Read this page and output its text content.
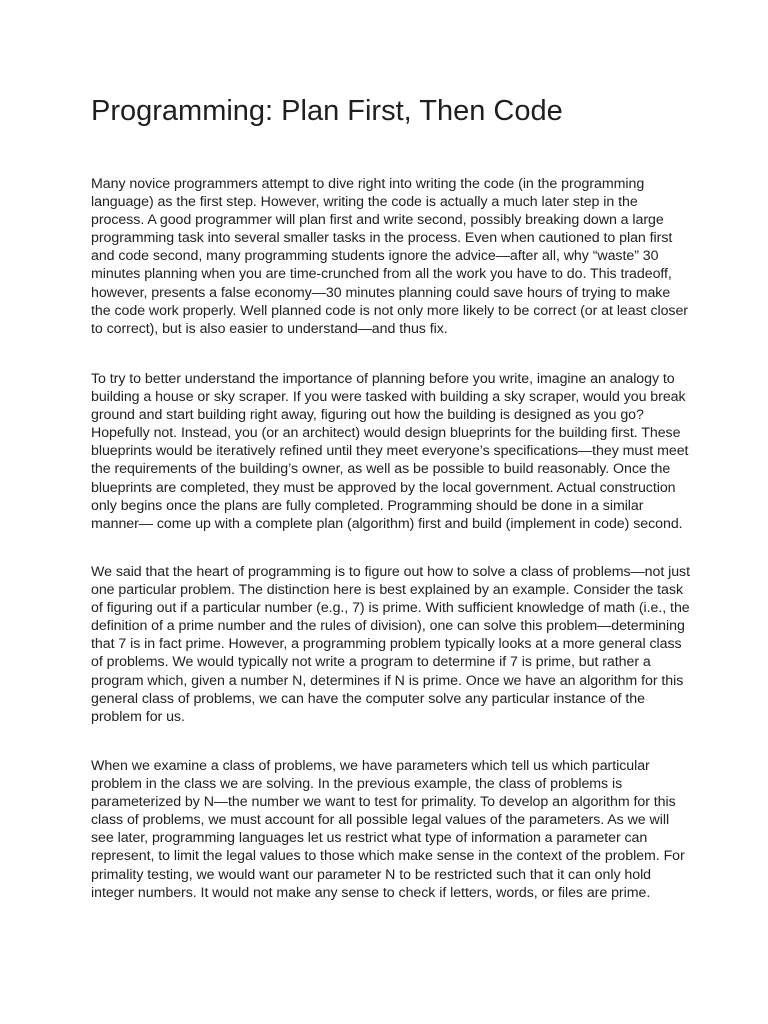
Programming: Plan First, Then Code

Many novice programmers attempt to dive right into writing the code (in the programming language) as the first step. However, writing the code is actually a much later step in the process. A good programmer will plan first and write second, possibly breaking down a large programming task into several smaller tasks in the process. Even when cautioned to plan first and code second, many programming students ignore the advice—after all, why “waste” 30 minutes planning when you are time-crunched from all the work you have to do. This tradeoff, however, presents a false economy—30 minutes planning could save hours of trying to make the code work properly. Well planned code is not only more likely to be correct (or at least closer to correct), but is also easier to understand—and thus fix.

To try to better understand the importance of planning before you write, imagine an analogy to building a house or sky scraper. If you were tasked with building a sky scraper, would you break ground and start building right away, figuring out how the building is designed as you go? Hopefully not. Instead, you (or an architect) would design blueprints for the building first. These blueprints would be iteratively refined until they meet everyone’s specifications—they must meet the requirements of the building’s owner, as well as be possible to build reasonably. Once the blueprints are completed, they must be approved by the local government. Actual construction only begins once the plans are fully completed. Programming should be done in a similar manner— come up with a complete plan (algorithm) first and build (implement in code) second.

We said that the heart of programming is to figure out how to solve a class of problems—not just one particular problem. The distinction here is best explained by an example. Consider the task of figuring out if a particular number (e.g., 7) is prime. With sufficient knowledge of math (i.e., the definition of a prime number and the rules of division), one can solve this problem—determining that 7 is in fact prime. However, a programming problem typically looks at a more general class of problems. We would typically not write a program to determine if 7 is prime, but rather a program which, given a number N, determines if N is prime. Once we have an algorithm for this general class of problems, we can have the computer solve any particular instance of the problem for us.

When we examine a class of problems, we have parameters which tell us which particular problem in the class we are solving. In the previous example, the class of problems is parameterized by N—the number we want to test for primality. To develop an algorithm for this class of problems, we must account for all possible legal values of the parameters. As we will see later, programming languages let us restrict what type of information a parameter can represent, to limit the legal values to those which make sense in the context of the problem. For primality testing, we would want our parameter N to be restricted such that it can only hold integer numbers. It would not make any sense to check if letters, words, or files are prime.
